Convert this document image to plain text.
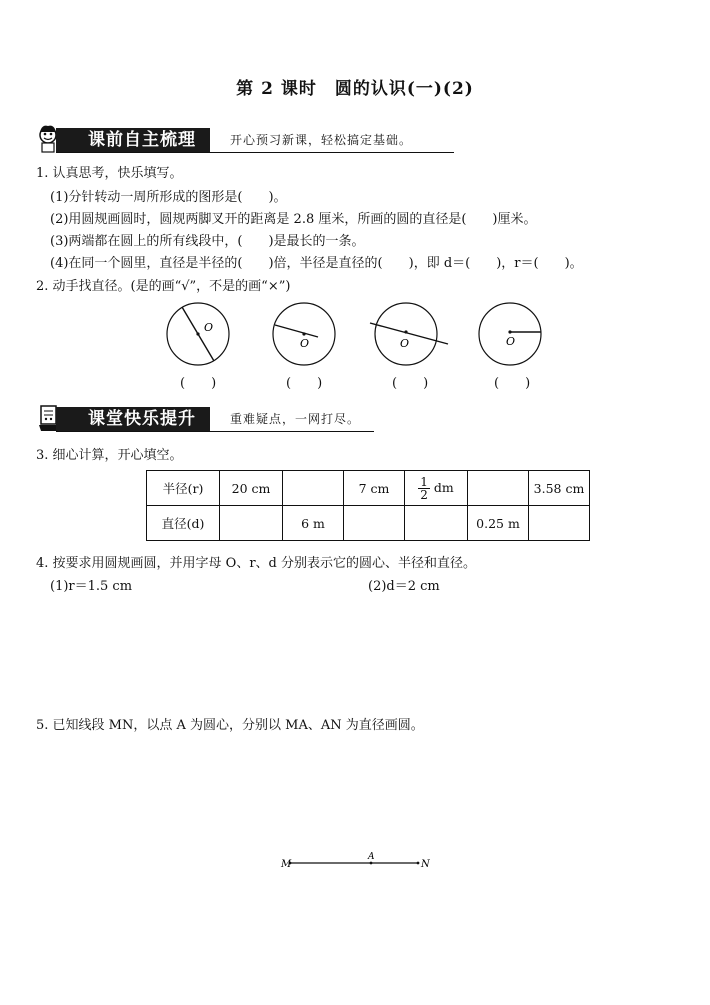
第 2 课时　圆的认识(一)(2)
课前自主梳理	开心预习新课，轻松搞定基础。
1. 认真思考，快乐填写。
(1)分针转动一周所形成的图形是(　　)。
(2)用圆规画圆时，圆规两脚叉开的距离是 2.8 厘米，所画的圆的直径是(　　)厘米。
(3)两端都在圆上的所有线段中，(　　)是最长的一条。
(4)在同一个圆里，直径是半径的(　　)倍，半径是直径的(　　)，即 d＝(　　)，r＝(　　)。
2. 动手找直径。(是的画“√”，不是的画“×”)
O
O	O	O
(　　)	(　　)	(　　)	(　　)
课堂快乐提升	重难疑点，一网打尽。
3. 细心计算，开心填空。
半径(r)	20 cm		7 cm	$\frac{1}{2}$ dm		3.58 cm
直径(d)		6 m			0.25 m	
4. 按要求用圆规画圆，并用字母 O、r、d 分别表示它的圆心、半径和直径。
(1)r＝1.5 cm	(2)d＝2 cm
5. 已知线段 MN，以点 A 为圆心，分别以 MA、AN 为直径画圆。
M
A
N
